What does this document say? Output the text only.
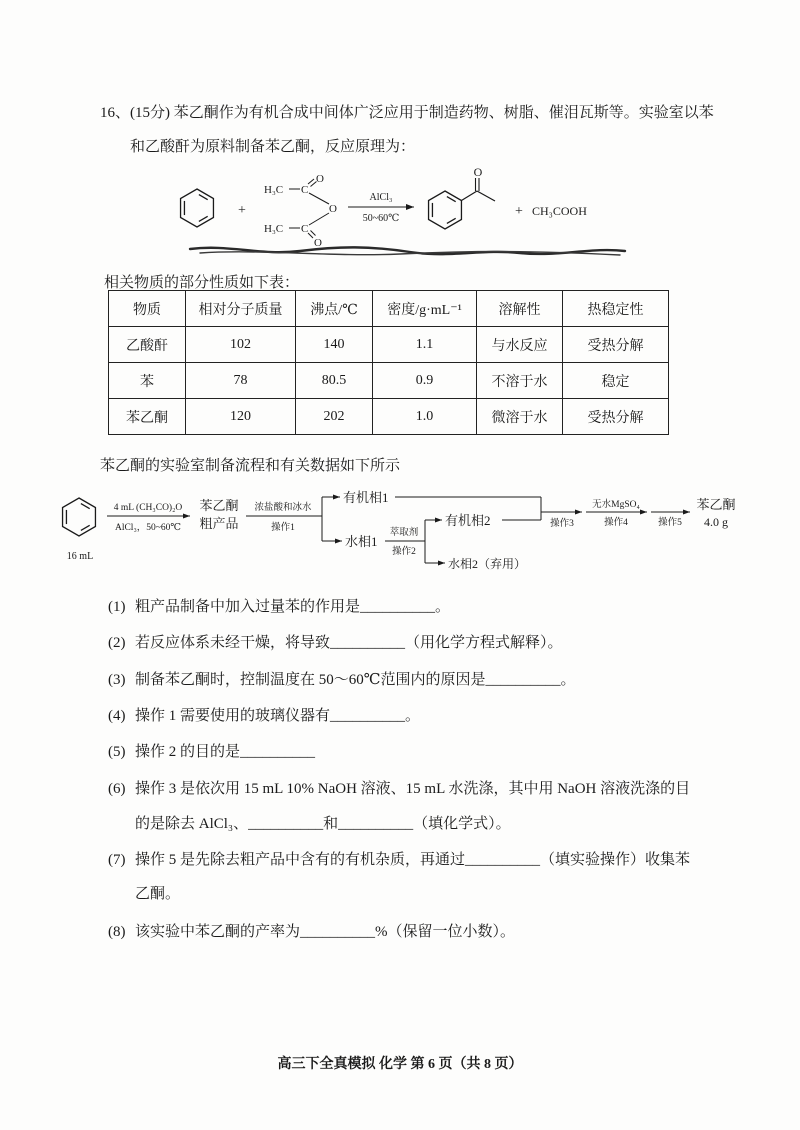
16、(15分) 苯乙酮作为有机合成中间体广泛应用于制造药物、树脂、催泪瓦斯等。实验室以苯
和乙酸酐为原料制备苯乙酮，反应原理为：
+
H₃C C
O
O
H₃C C
O
AlCl₃
50~60℃
O
+ CH₃COOH
相关物质的部分性质如下表：
物质	相对分子质量	沸点/℃	密度/g·mL⁻¹	溶解性	热稳定性
乙酸酐	102	140	1.1	与水反应	受热分解
苯	78	80.5	0.9	不溶于水	稳定
苯乙酮	120	202	1.0	微溶于水	受热分解
苯乙酮的实验室制备流程和有关数据如下所示
16 mL
4 mL (CH₃CO)₂O
AlCl₃，50~60℃
苯乙酮
粗产品
浓盐酸和冰水
操作1
有机相1
水相1
萃取剂
操作2
有机相2
水相2（弃用）
操作3
无水MgSO₄
操作4	操作5
苯乙酮
4.0 g
(1) 粗产品制备中加入过量苯的作用是__________。
(2) 若反应体系未经干燥，将导致__________（用化学方程式解释）。
(3) 制备苯乙酮时，控制温度在 50～60℃范围内的原因是__________。
(4) 操作 1 需要使用的玻璃仪器有__________。
(5) 操作 2 的目的是__________
(6) 操作 3 是依次用 15 mL 10% NaOH 溶液、15 mL 水洗涤，其中用 NaOH 溶液洗涤的目
的是除去 AlCl₃、__________和__________（填化学式）。
(7) 操作 5 是先除去粗产品中含有的有机杂质，再通过__________（填实验操作）收集苯
乙酮。
(8) 该实验中苯乙酮的产率为__________%（保留一位小数）。
高三下全真模拟 化学 第 6 页（共 8 页）
